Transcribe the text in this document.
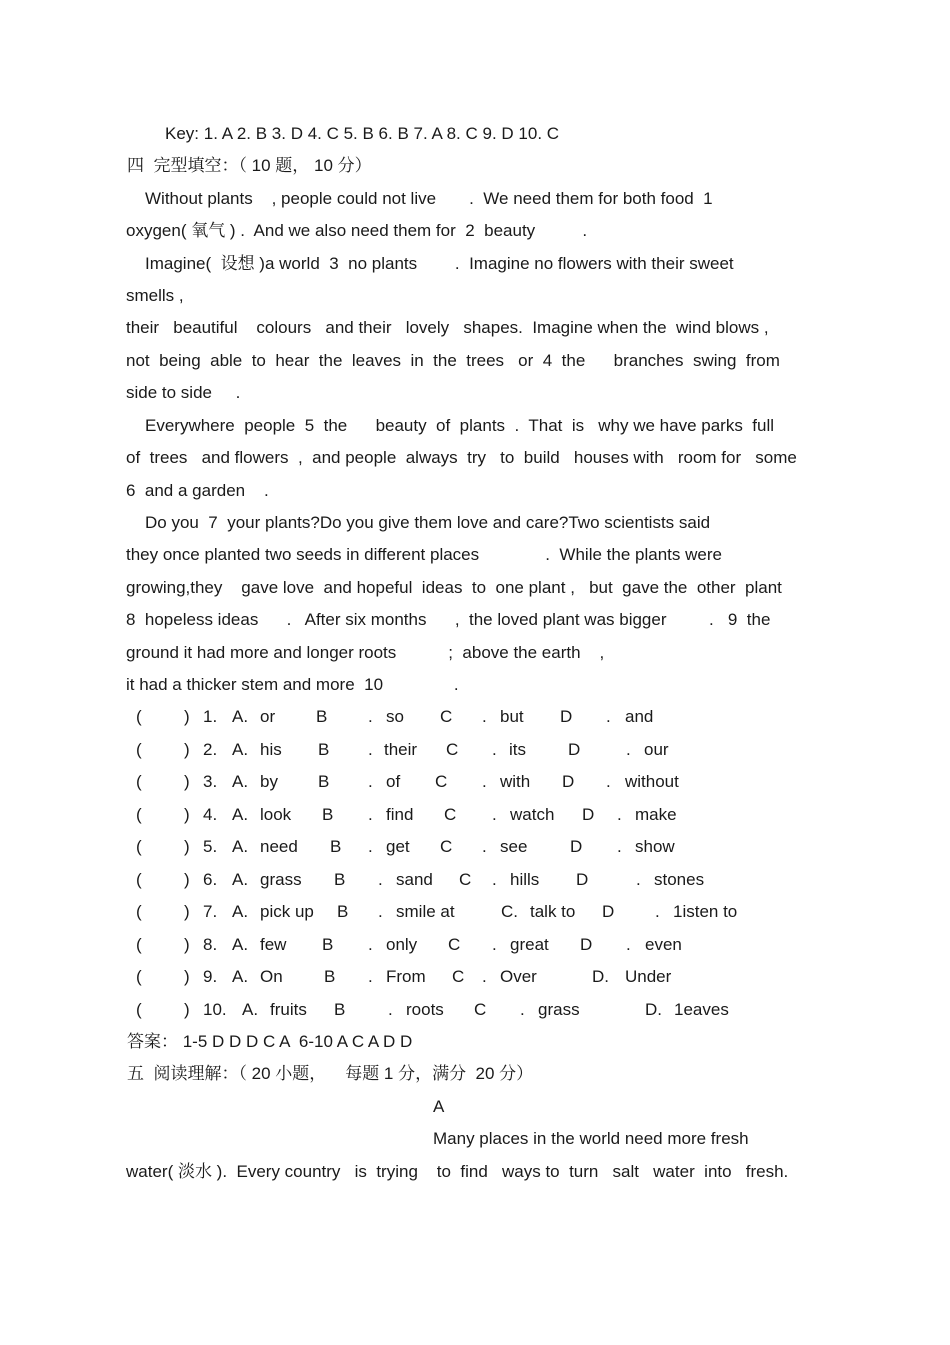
Key: 1. A 2. B 3. D 4. C 5. B 6. B 7. A 8. C 9. D 10. C
四  完型填空：（ 10 题， 10 分）
Without plants    , people could not live       .  We need them for both food  1
oxygen( 氧气 ) .  And we also need them for  2  beauty          .
Imagine(  设想 )a world  3  no plants        .  Imagine no flowers with their sweet
smells ,
their   beautiful    colours   and their   lovely   shapes.  Imagine when the  wind blows ,
not  being  able  to  hear  the  leaves  in  the  trees   or  4  the      branches  swing  from
side to side     .
Everywhere  people  5  the      beauty  of  plants  .  That  is   why we have parks  full
of  trees   and flowers  ,  and people  always  try   to  build   houses with   room for   some
6  and a garden    .
Do you  7  your plants?Do you give them love and care?Two scientists said
they once planted two seeds in different places              .  While the plants were
growing,they    gave love  and hopeful  ideas  to  one plant ,   but  gave the  other  plant
8  hopeless ideas      .   After six months      ,  the loved plant was bigger         .   9  the
ground it had more and longer roots           ;  above the earth    ,
it had a thicker stem and more  10               .
( ) 1. A. or B . so C . but D . and
( ) 2. A. his B . their C . its D	. our
( ) 3. A. by B . of C . with D . without
( ) 4. A. look B . find C . watch D . make
( ) 5. A. need B . get C . see	D . show
( ) 6. A. grass B . sand C . hills D	. stones
( ) 7. A. pick up B . smile at	C. talk to D . 1isten to
( ) 8. A. few B . only C . great D . even
( ) 9. A. On B . From C . Over	D. Under
( ) 10. A. fruits B	. roots C . grass	D. 1eaves
答案： 1-5 D D D C A  6-10 A C A D D
五  阅读理解：（ 20 小题，    每题 1 分，满分  20 分）
A
Many places in the world need more fresh
water( 淡水 ).  Every country   is  trying    to  find   ways to  turn   salt   water  into   fresh.
